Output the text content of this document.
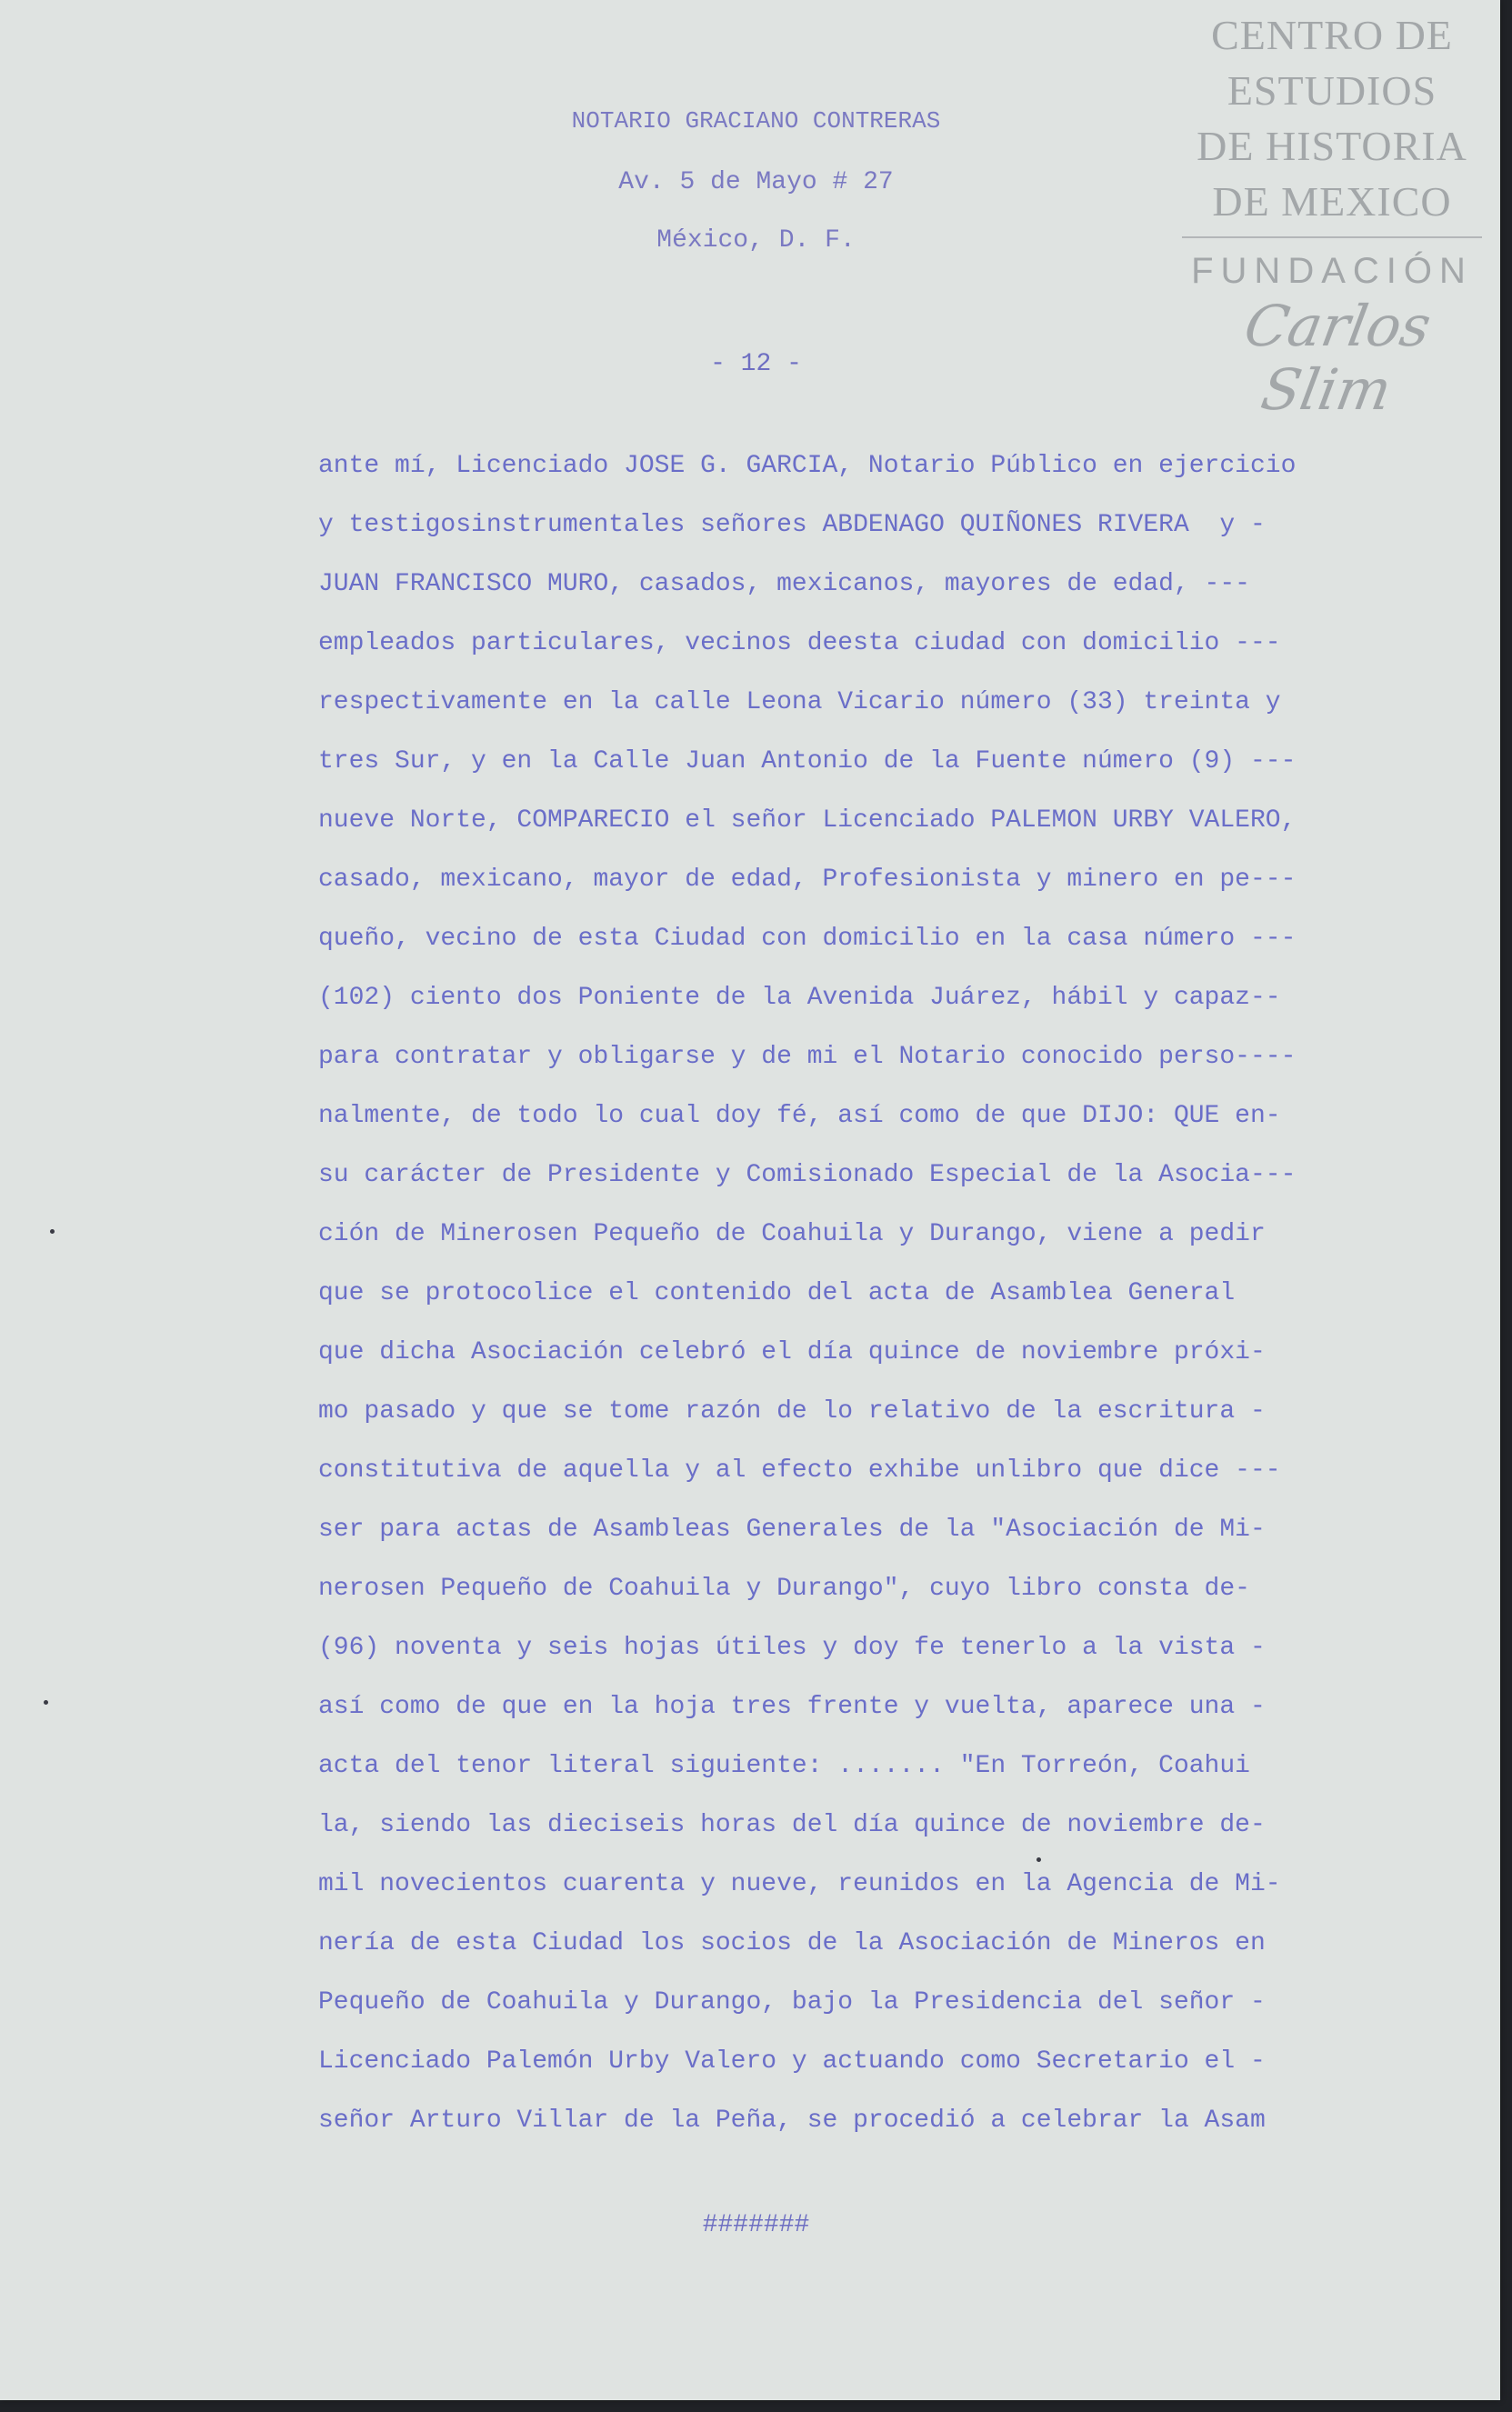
CENTRO DE
ESTUDIOS
DE HISTORIA
DE MEXICO
FUNDACIÓN
Carlos Slim
NOTARIO GRACIANO CONTRERAS
Av. 5 de Mayo # 27
México, D. F.
- 12 -
ante mí, Licenciado JOSE G. GARCIA, Notario Público en ejercicio
y testigosinstrumentales señores ABDENAGO QUIÑONES RIVERA  y -
JUAN FRANCISCO MURO, casados, mexicanos, mayores de edad, ---
empleados particulares, vecinos deesta ciudad con domicilio ---
respectivamente en la calle Leona Vicario número (33) treinta y
tres Sur, y en la Calle Juan Antonio de la Fuente número (9) ---
nueve Norte, COMPARECIO el señor Licenciado PALEMON URBY VALERO,
casado, mexicano, mayor de edad, Profesionista y minero en pe---
queño, vecino de esta Ciudad con domicilio en la casa número ---
(102) ciento dos Poniente de la Avenida Juárez, hábil y capaz--
para contratar y obligarse y de mi el Notario conocido perso----
nalmente, de todo lo cual doy fé, así como de que DIJO: QUE en-
su carácter de Presidente y Comisionado Especial de la Asocia---
ción de Minerosen Pequeño de Coahuila y Durango, viene a pedir
que se protocolice el contenido del acta de Asamblea General
que dicha Asociación celebró el día quince de noviembre próxi-
mo pasado y que se tome razón de lo relativo de la escritura -
constitutiva de aquella y al efecto exhibe unlibro que dice ---
ser para actas de Asambleas Generales de la "Asociación de Mi-
nerosen Pequeño de Coahuila y Durango", cuyo libro consta de-
(96) noventa y seis hojas útiles y doy fe tenerlo a la vista -
así como de que en la hoja tres frente y vuelta, aparece una -
acta del tenor literal siguiente: ....... "En Torreón, Coahui
la, siendo las dieciseis horas del día quince de noviembre de-
mil novecientos cuarenta y nueve, reunidos en la Agencia de Mi-
nería de esta Ciudad los socios de la Asociación de Mineros en
Pequeño de Coahuila y Durango, bajo la Presidencia del señor -
Licenciado Palemón Urby Valero y actuando como Secretario el -
señor Arturo Villar de la Peña, se procedió a celebrar la Asam
#######
